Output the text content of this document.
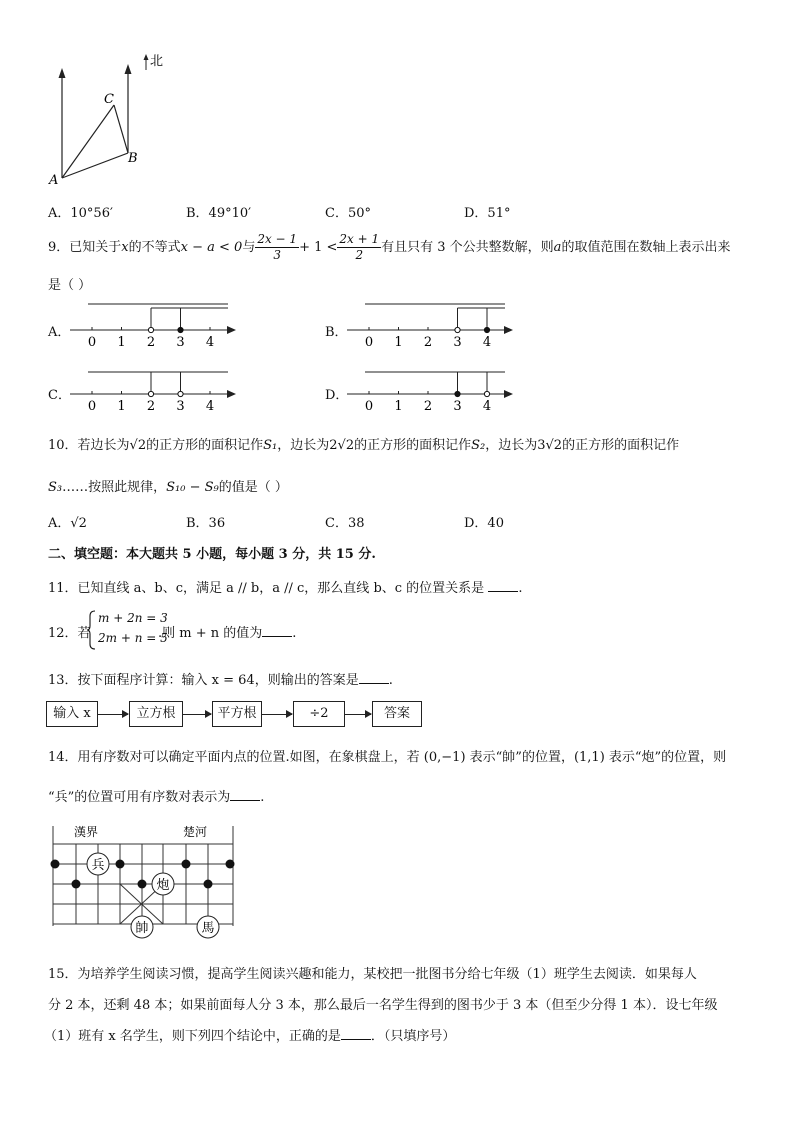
A
B
C
北
A．10°56′	B．49°10′	C．50°	D．51°
9．已知关于x的不等式x − a < 0与 $\frac{2x - 1}{3} + 1 < \frac{2x + 1}{2}$ 有且只有 3 个公共整数解，则a的取值范围在数轴上表示出来
是（ ）
A．	B．
C．	D．
0 1 2 3 4	0 1 2 3 4
0 1 2 3 4	0 1 2 3 4
10．若边长为√2的正方形的面积记作S₁，边长为2√2的正方形的面积记作S₂，边长为3√2的正方形的面积记作
S₃……按照此规律，S₁₀ − S₉的值是（ ）
A．√2	B．36	C．38	D．40
二、填空题：本大题共 5 小题，每小题 3 分，共 15 分.
11．已知直线 a、b、c，满足 a // b，a // c，那么直线 b、c 的位置关系是	.
12．若
m + 2n = 3
2m + n = 5
.则 m + n 的值为 .
13．按下面程序计算：输入 x = 64，则输出的答案是 .
输入 x	立方根	平方根	÷2	答案
14．用有序数对可以确定平面内点的位置.如图，在象棋盘上，若 (0,−1) 表示“帥”的位置，(1,1) 表示“炮”的位置，则
“兵”的位置可用有序数对表示为 .
漢界	楚河
兵
炮
帥	馬
15．为培养学生阅读习惯，提高学生阅读兴趣和能力，某校把一批图书分给七年级（1）班学生去阅读．如果每人
分 2 本，还剩 48 本；如果前面每人分 3 本，那么最后一名学生得到的图书少于 3 本（但至少分得 1 本）．设七年级
（1）班有 x 名学生，则下列四个结论中，正确的是 ．（只填序号）
